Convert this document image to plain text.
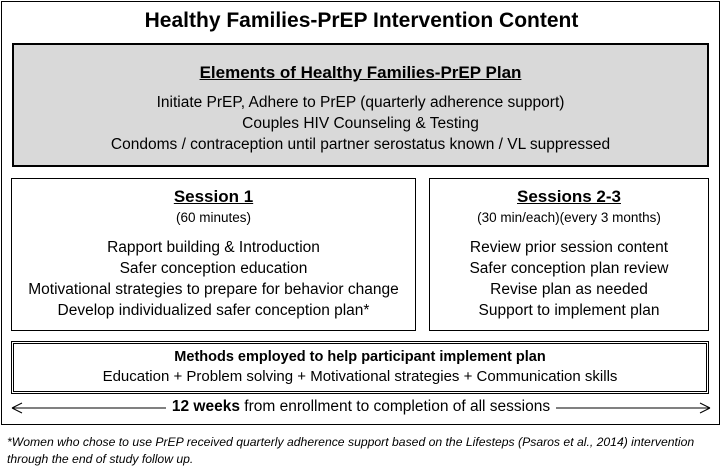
Healthy Families-PrEP Intervention Content
Elements of Healthy Families-PrEP Plan
Initiate PrEP, Adhere to PrEP (quarterly adherence support)
Couples HIV Counseling & Testing
Condoms / contraception until partner serostatus known / VL suppressed
Session 1
(60 minutes)
Rapport building & Introduction
Safer conception education
Motivational strategies to prepare for behavior change
Develop individualized safer conception plan*
Sessions 2-3
(30 min/each)(every 3 months)
Review prior session content
Safer conception plan review
Revise plan as needed
Support to implement plan
Methods employed to help participant implement plan
Education + Problem solving + Motivational strategies + Communication skills
12 weeks from enrollment to completion of all sessions
*Women who chose to use PrEP received quarterly adherence support based on the Lifesteps (Psaros et al., 2014) intervention through the end of study follow up.
